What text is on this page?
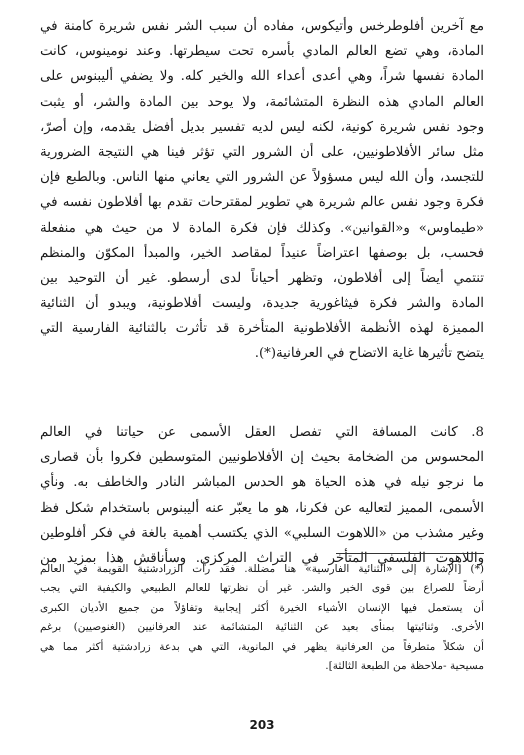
مع آخرين أفلوطرخس وأتيكوس، مفاده أن سبب الشر نفس شريرة كامنة في
المادة، وهي تضع العالم المادي بأسره تحت سيطرتها. وعند نومينوس، كانت
المادة نفسها شراً، وهي أعدى أعداء الله والخير كله. ولا يضفي أليبنوس على
العالم المادي هذه النظرة المتشائمة، ولا يوحد بين المادة والشر، أو يثبت
وجود نفس شريرة كونية، لكنه ليس لديه تفسير بديل أفضل يقدمه، وإن أصرّ،
مثل سائر الأفلاطونيين، على أن الشرور التي تؤثر فينا هي النتيجة الضرورية
للتجسد، وأن الله ليس مسؤولاً عن الشرور التي يعاني منها الناس. وبالطبع فإن
فكرة وجود نفس عالم شريرة هي تطوير لمقترحات تقدم بها أفلاطون نفسه في
«طيماوس» و«القوانين». وكذلك فإن فكرة المادة لا من حيث هي منفعلة
فحسب، بل بوصفها اعتراضاً عنيداً لمقاصد الخير، والمبدأ المكوّن والمنظم
تنتمي أيضاً إلى أفلاطون، وتظهر أحياناً لدى أرسطو. غير أن التوحيد بين
المادة والشر فكرة فيثاغورية جديدة، وليست أفلاطونية، ويبدو أن الثنائية
المميزة لهذه الأنظمة الأفلاطونية المتأخرة قد تأثرت بالثنائية الفارسية التي
يتضح تأثيرها غاية الاتضاح في العرفانية(*).
8. كانت المسافة التي تفصل العقل الأسمى عن حياتنا في العالم
المحسوس من الضخامة بحيث إن الأفلاطونيين المتوسطين فكروا بأن قصارى
ما نرجو نيله في هذه الحياة هو الحدس المباشر النادر والخاطف به. ونأي
الأسمى، المميز لتعاليه عن فكرنا، هو ما يعبّر عنه أليبنوس باستخدام شكل فظ
وغير مشذب من «اللاهوت السلبي» الذي يكتسب أهمية بالغة في فكر أفلوطين
واللاهوت الفلسفي المتأخر في التراث المركزي. وسأناقش هذا بمزيد من
(*) [الإشارة إلى «الثنائية الفارسية» هنا مضللة. فقد رأت الزرادشتية القويمة في العالم
أرضاً للصراع بين قوى الخير والشر. غير أن نظرتها للعالم الطبيعي والكيفية التي يجب
أن يستعمل فيها الإنسان الأشياء الخيرة أكثر إيجابية وتفاؤلاً من جميع الأديان الكبرى
الأخرى. وثنائيتها بمنأى بعيد عن الثنائية المتشائمة عند العرفانيين (الغنوصيين) برغم
أن شكلاً متطرفاً من العرفانية يظهر في المانوية، التي هي بدعة زرادشتية أكثر مما هي
مسيحية -ملاحظة من الطبعة الثالثة].
203
